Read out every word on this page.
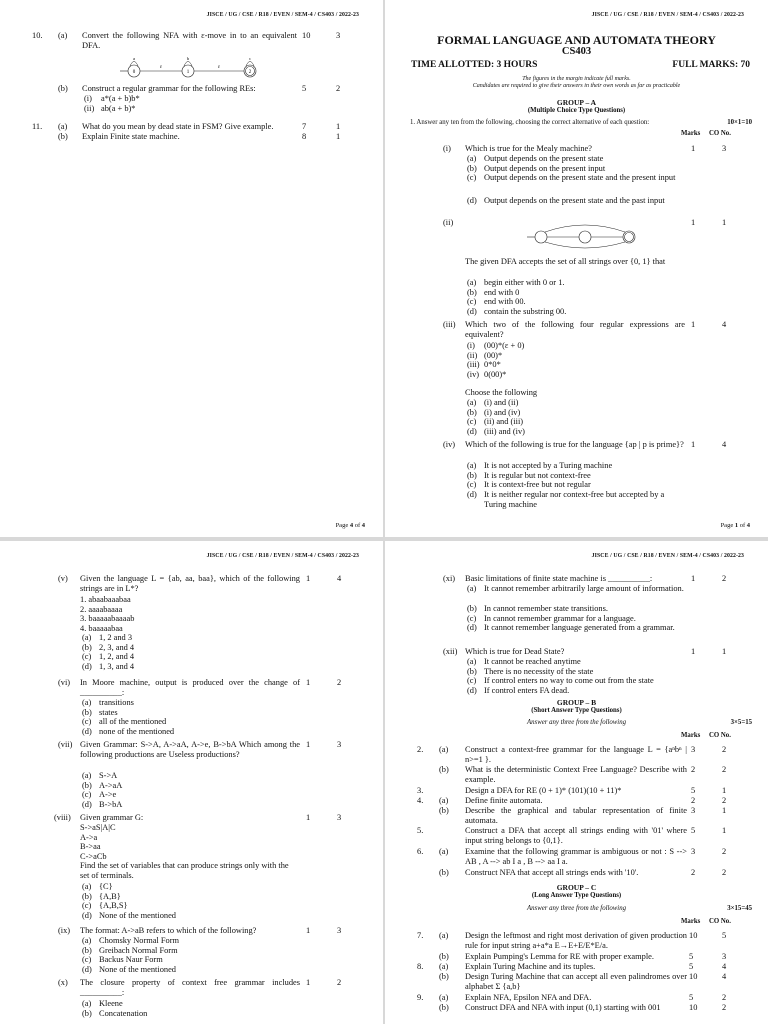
JISCE / UG / CSE / R18 / EVEN / SEM-4 / CS403 / 2022-23
10. (a) Convert the following NFA with ε-move in to an equivalent DFA.
10	3
0
ε
1
ε
2
a	b	c
(b) Construct a regular grammar for the following REs:	5	2
(i) a*(a + b)b*
(ii) ab(a + b)*
11. (a) What do you mean by dead state in FSM? Give example.	7	1
(b) Explain Finite state machine.	8	1
Page 4 of 4
JISCE / UG / CSE / R18 / EVEN / SEM-4 / CS403 / 2022-23
FORMAL LANGUAGE AND AUTOMATA THEORY
CS403
TIME ALLOTTED: 3 HOURS	FULL MARKS: 70
The figures in the margin indicate full marks.
Candidates are required to give their answers in their own words as far as practicable
GROUP – A
(Multiple Choice Type Questions)
1. Answer any ten from the following, choosing the correct alternative of each question:	10×1=10
Marks CO No.
(i) Which is true for the Mealy machine?	1	3
(a) Output depends on the present state
(b) Output depends on the present input
(c) Output depends on the present state and the present input
(d) Output depends on the present state and the past input
(ii)	1	1
The given DFA accepts the set of all strings over {0, 1} that
(a) begin either with 0 or 1.
(b) end with 0
(c) end with 00.
(d) contain the substring 00.
(iii) Which two of the following four regular expressions are equivalent?
1	4
(i) (00)*(ε + 0)
(ii) (00)*
(iii) 0*0*
(iv) 0(00)*
Choose the following
(a) (i) and (ii)
(b) (i) and (iv)
(c) (ii) and (iii)
(d) (iii) and (iv)
(iv) Which of the following is true for the language {ap | p is prime}? 1	4
(a) It is not accepted by a Turing machine
(b) It is regular but not context-free
(c) It is context-free but not regular
(d) It is neither regular nor context-free but accepted by a Turing machine
Page 1 of 4
JISCE / UG / CSE / R18 / EVEN / SEM-4 / CS403 / 2022-23
(v) Given the language L = {ab, aa, baa}, which of the following strings are in L*?
1	4
1. abaabaaabaa
2. aaaabaaaa
3. baaaaabaaaab
4. baaaaabaa
(a) 1, 2 and 3
(b) 2, 3, and 4
(c) 1, 2, and 4
(d) 1, 3, and 4
(vi) In Moore machine, output is produced over the change of __________:
1	2
(a) transitions
(b) states
(c) all of the mentioned
(d) none of the mentioned
(vii) Given Grammar: S->A, A->aA, A->e, B->bA Which among the following productions are Useless productions?
1	3
(a) S->A
(b) A->aA
(c) A->e
(d) B->bA
(viii) Given grammar G:	1	3
S->aS|A|C
A->a
B->aa
C->aCb
Find the set of variables that can produce strings only with the set of terminals.
(a) {C}
(b) {A,B}
(c) {A,B,S}
(d) None of the mentioned
(ix) The format: A->aB refers to which of the following?	1	3
(a) Chomsky Normal Form
(b) Greibach Normal Form
(c) Backus Naur Form
(d) None of the mentioned
(x) The closure property of context free grammar includes __________:
1	2
(a) Kleene
(b) Concatenation
JISCE / UG / CSE / R18 / EVEN / SEM-4 / CS403 / 2022-23
(xi) Basic limitations of finite state machine is __________:	1	2
(a) It cannot remember arbitrarily large amount of information.
(b) In cannot remember state transitions.
(c) In cannot remember grammar for a language.
(d) It cannot remember language generated from a grammar.
(xii) Which is true for Dead State?	1	1
(a) It cannot be reached anytime
(b) There is no necessity of the state
(c) If control enters no way to come out from the state
(d) If control enters FA dead.
GROUP – B
(Short Answer Type Questions)
Answer any three from the following	3×5=15
Marks CO No.
2. (a) Construct a context-free grammar for the language L = {aⁿbⁿ | n>=1 }.
3	2
(b) What is the deterministic Context Free Language? Describe with example.
2	2
3.	Design a DFA for RE (0 + 1)* (101)(10 + 11)*	5	1
4. (a) Define finite automata.	2	2
(b) Describe the graphical and tabular representation of finite automata.
3	1
5.	Construct a DFA that accept all strings ending with '01' where input string belongs to {0,1}.
5	1
6. (a) Examine that the following grammar is ambiguous or not : S --> AB , A --> ab I a , B --> aa I a.
3	2
(b) Construct NFA that accept all strings ends with '10'.	2	2
GROUP – C
(Long Answer Type Questions)
Answer any three from the following	3×15=45
Marks CO No.
7. (a) Design the leftmost and right most derivation of given production rule for input string a+a*a E→E+E/E*E/a.
10	5
(b) Explain Pumping's Lemma for RE with proper example.	5	3
8. (a) Explain Turing Machine and its tuples.	5	4
(b) Design Turing Machine that can accept all even palindromes over alphabet Σ {a,b}
10	4
9. (a) Explain NFA, Epsilon NFA and DFA.	5	2
(b) Construct DFA and NFA with input (0,1) starting with 001	10	2
